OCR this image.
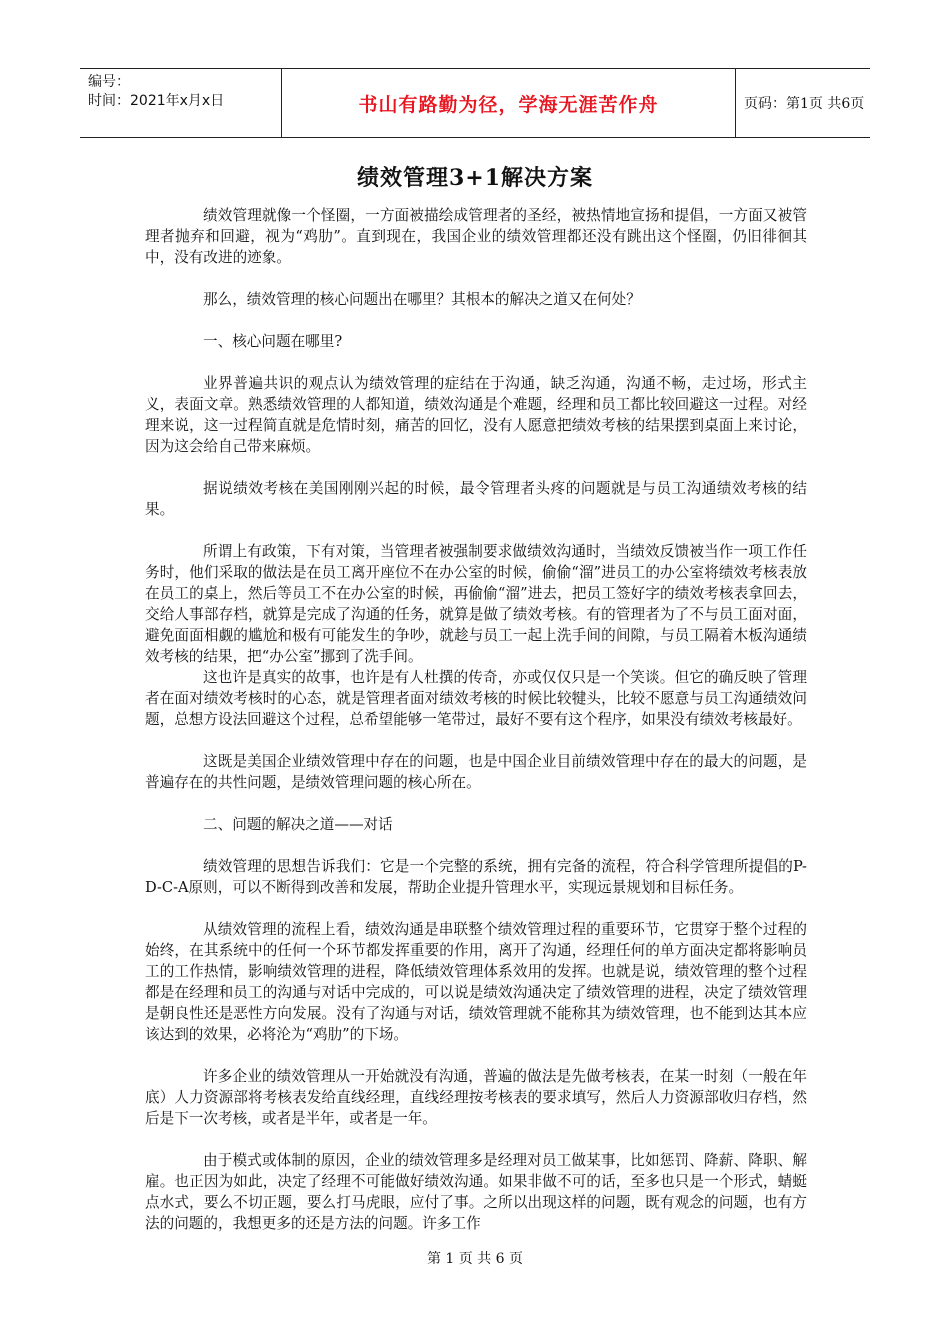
编号：
时间：2021年x月x日	书山有路勤为径，学海无涯苦作舟	页码：第1页 共6页
绩效管理3+1解决方案

绩效管理就像一个怪圈，一方面被描绘成管理者的圣经，被热情地宣扬和提倡，一方面又被管理者抛弃和回避，视为“鸡肋”。直到现在，我国企业的绩效管理都还没有跳出这个怪圈，仍旧徘徊其中，没有改进的迹象。

那么，绩效管理的核心问题出在哪里？其根本的解决之道又在何处？

一、核心问题在哪里?

业界普遍共识的观点认为绩效管理的症结在于沟通，缺乏沟通，沟通不畅，走过场，形式主义，表面文章。熟悉绩效管理的人都知道，绩效沟通是个难题，经理和员工都比较回避这一过程。对经理来说，这一过程简直就是危情时刻，痛苦的回忆，没有人愿意把绩效考核的结果摆到桌面上来讨论，因为这会给自己带来麻烦。

据说绩效考核在美国刚刚兴起的时候，最令管理者头疼的问题就是与员工沟通绩效考核的结果。

所谓上有政策，下有对策，当管理者被强制要求做绩效沟通时，当绩效反馈被当作一项工作任务时，他们采取的做法是在员工离开座位不在办公室的时候，偷偷“溜”进员工的办公室将绩效考核表放在员工的桌上，然后等员工不在办公室的时候，再偷偷“溜”进去，把员工签好字的绩效考核表拿回去，交给人事部存档，就算是完成了沟通的任务，就算是做了绩效考核。有的管理者为了不与员工面对面，避免面面相觑的尴尬和极有可能发生的争吵，就趁与员工一起上洗手间的间隙，与员工隔着木板沟通绩效考核的结果，把“办公室”挪到了洗手间。

这也许是真实的故事，也许是有人杜撰的传奇，亦或仅仅只是一个笑谈。但它的确反映了管理者在面对绩效考核时的心态，就是管理者面对绩效考核的时候比较犍头，比较不愿意与员工沟通绩效问题，总想方设法回避这个过程，总希望能够一笔带过，最好不要有这个程序，如果没有绩效考核最好。

这既是美国企业绩效管理中存在的问题，也是中国企业目前绩效管理中存在的最大的问题，是普遍存在的共性问题，是绩效管理问题的核心所在。

二、问题的解决之道——对话

绩效管理的思想告诉我们：它是一个完整的系统，拥有完备的流程，符合科学管理所提倡的P-D-C-A原则，可以不断得到改善和发展，帮助企业提升管理水平，实现远景规划和目标任务。

从绩效管理的流程上看，绩效沟通是串联整个绩效管理过程的重要环节，它贯穿于整个过程的始终，在其系统中的任何一个环节都发挥重要的作用，离开了沟通，经理任何的单方面决定都将影响员工的工作热情，影响绩效管理的进程，降低绩效管理体系效用的发挥。也就是说，绩效管理的整个过程都是在经理和员工的沟通与对话中完成的，可以说是绩效沟通决定了绩效管理的进程，决定了绩效管理是朝良性还是恶性方向发展。没有了沟通与对话，绩效管理就不能称其为绩效管理，也不能到达其本应该达到的效果，必将沦为“鸡肋”的下场。

许多企业的绩效管理从一开始就没有沟通，普遍的做法是先做考核表，在某一时刻（一般在年底）人力资源部将考核表发给直线经理，直线经理按考核表的要求填写，然后人力资源部收归存档，然后是下一次考核，或者是半年，或者是一年。

由于模式或体制的原因，企业的绩效管理多是经理对员工做某事，比如惩罚、降薪、降职、解雇。也正因为如此，决定了经理不可能做好绩效沟通。如果非做不可的话，至多也只是一个形式，蜻蜓点水式，要么不切正题，要么打马虎眼，应付了事。之所以出现这样的问题，既有观念的问题，也有方法的问题的，我想更多的还是方法的问题。许多工作

第 1 页 共 6 页
